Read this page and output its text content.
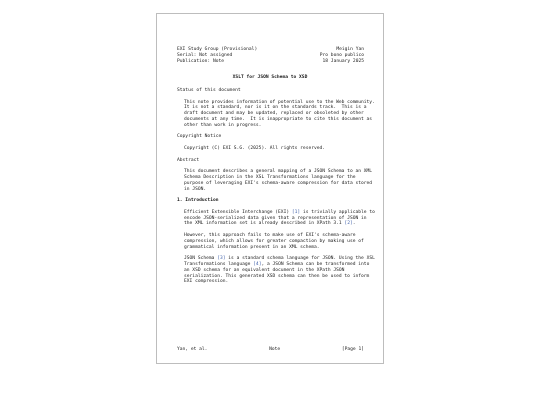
EXI Study Group (Provisional)	Meigin Yan
Serial: Not assigned	Pro bono publico
Publication: Note	18 January 2025
XSLT for JSON Schema to XSD

Status of this document

This note provides information of potential use to the Web community.

It is not a standard, nor is it on the standards track.  This is a

draft document and may be updated, replaced or obsoleted by other

documents at any time.  It is inappropriate to cite this document as

other than work in progress.

Copyright Notice

Copyright (C) EXI S.G. (2025). All rights reserved.

Abstract

This document describes a general mapping of a JSON Schema to an XML

Schema Description in the XSL Transformations language for the

purpose of leveraging EXI's schema-aware compression for data stored

in JSON.

1. Introduction

Efficient Extensible Interchange (EXI) [1] is trivially applicable to

encode JSON-serialized data given that a representation of JSON in

the XML information set is already described in XPath 3.1 [2].

However, this approach fails to make use of EXI's schema-aware

compression, which allows for greater compaction by making use of

grammatical information present in an XML schema.

JSON Schema [3] is a standard schema language for JSON. Using the XSL

Transformations language [4], a JSON Schema can be transformed into

an XSD schema for an equivalent document in the XPath JSON

serialization. This generated XSD schema can then be used to inform

EXI compression.

Yan, et al.	Note	[Page 1]
